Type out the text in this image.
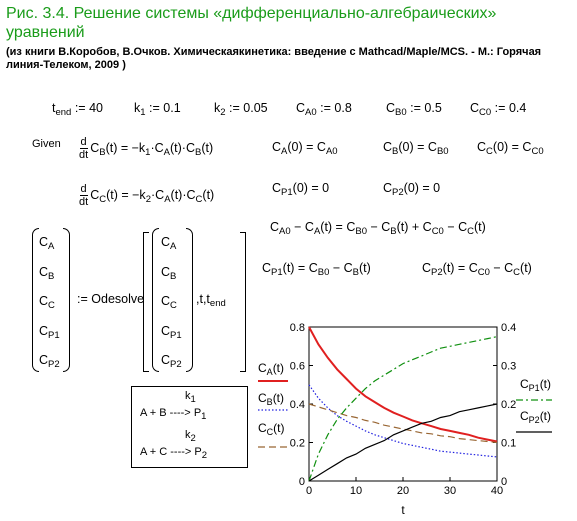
Рис. 3.4. Решение системы «дифференциально-алгебраических» уравнений
(из книги В.Коробов, В.Очков. Химическаякинетика: введение с Mathcad/Maple/MCS. - М.: Горячая линия-Телеком, 2009 )
$t_{end}$ := 40 $k_1$ := 0.1	$k_2$ := 0.05 $C_{A0}$ := 0.8	$C_{B0}$ := 0.5 $C_{C0}$ := 0.4
Given $\frac{d}{dt} C_B(t) = -k_1\cdot C_A(t)\cdot C_B(t)$
$\frac{d}{dt} C_C(t) = -k_2\cdot C_A(t)\cdot C_C(t)$
$C_A(0) = C_{A0}$	$C_B(0) = C_{B0}$ $C_C(0) = C_{C0}$
$C_{P1}(0) = 0$	$C_{P2}(0) = 0$
$C_{A0} - C_A(t) = C_{B0} - C_B(t) + C_{C0} - C_C(t)$
$C_{P1}(t) = C_{B0} - C_B(t)$	$C_{P2}(t) = C_{C0} - C_C(t)$
$C_A$
$C_B$
$C_C$
$C_{P1}$
$C_{P2}$
:= Odesolve
$C_A$
$C_B$
$C_C$
$C_{P1}$
$C_{P2}$
$,t,t_{end}$
k1
A + B ----> P1
k2
A + C ----> P2
0	10	20	30	40
0
0.2
0.4
0.6
0.8
0
0.1
0.2
0.3
0.4
t
$C_A(t)$
$C_B(t)$
$C_C(t)$
$C_{P1}(t)$
$C_{P2}(t)$
